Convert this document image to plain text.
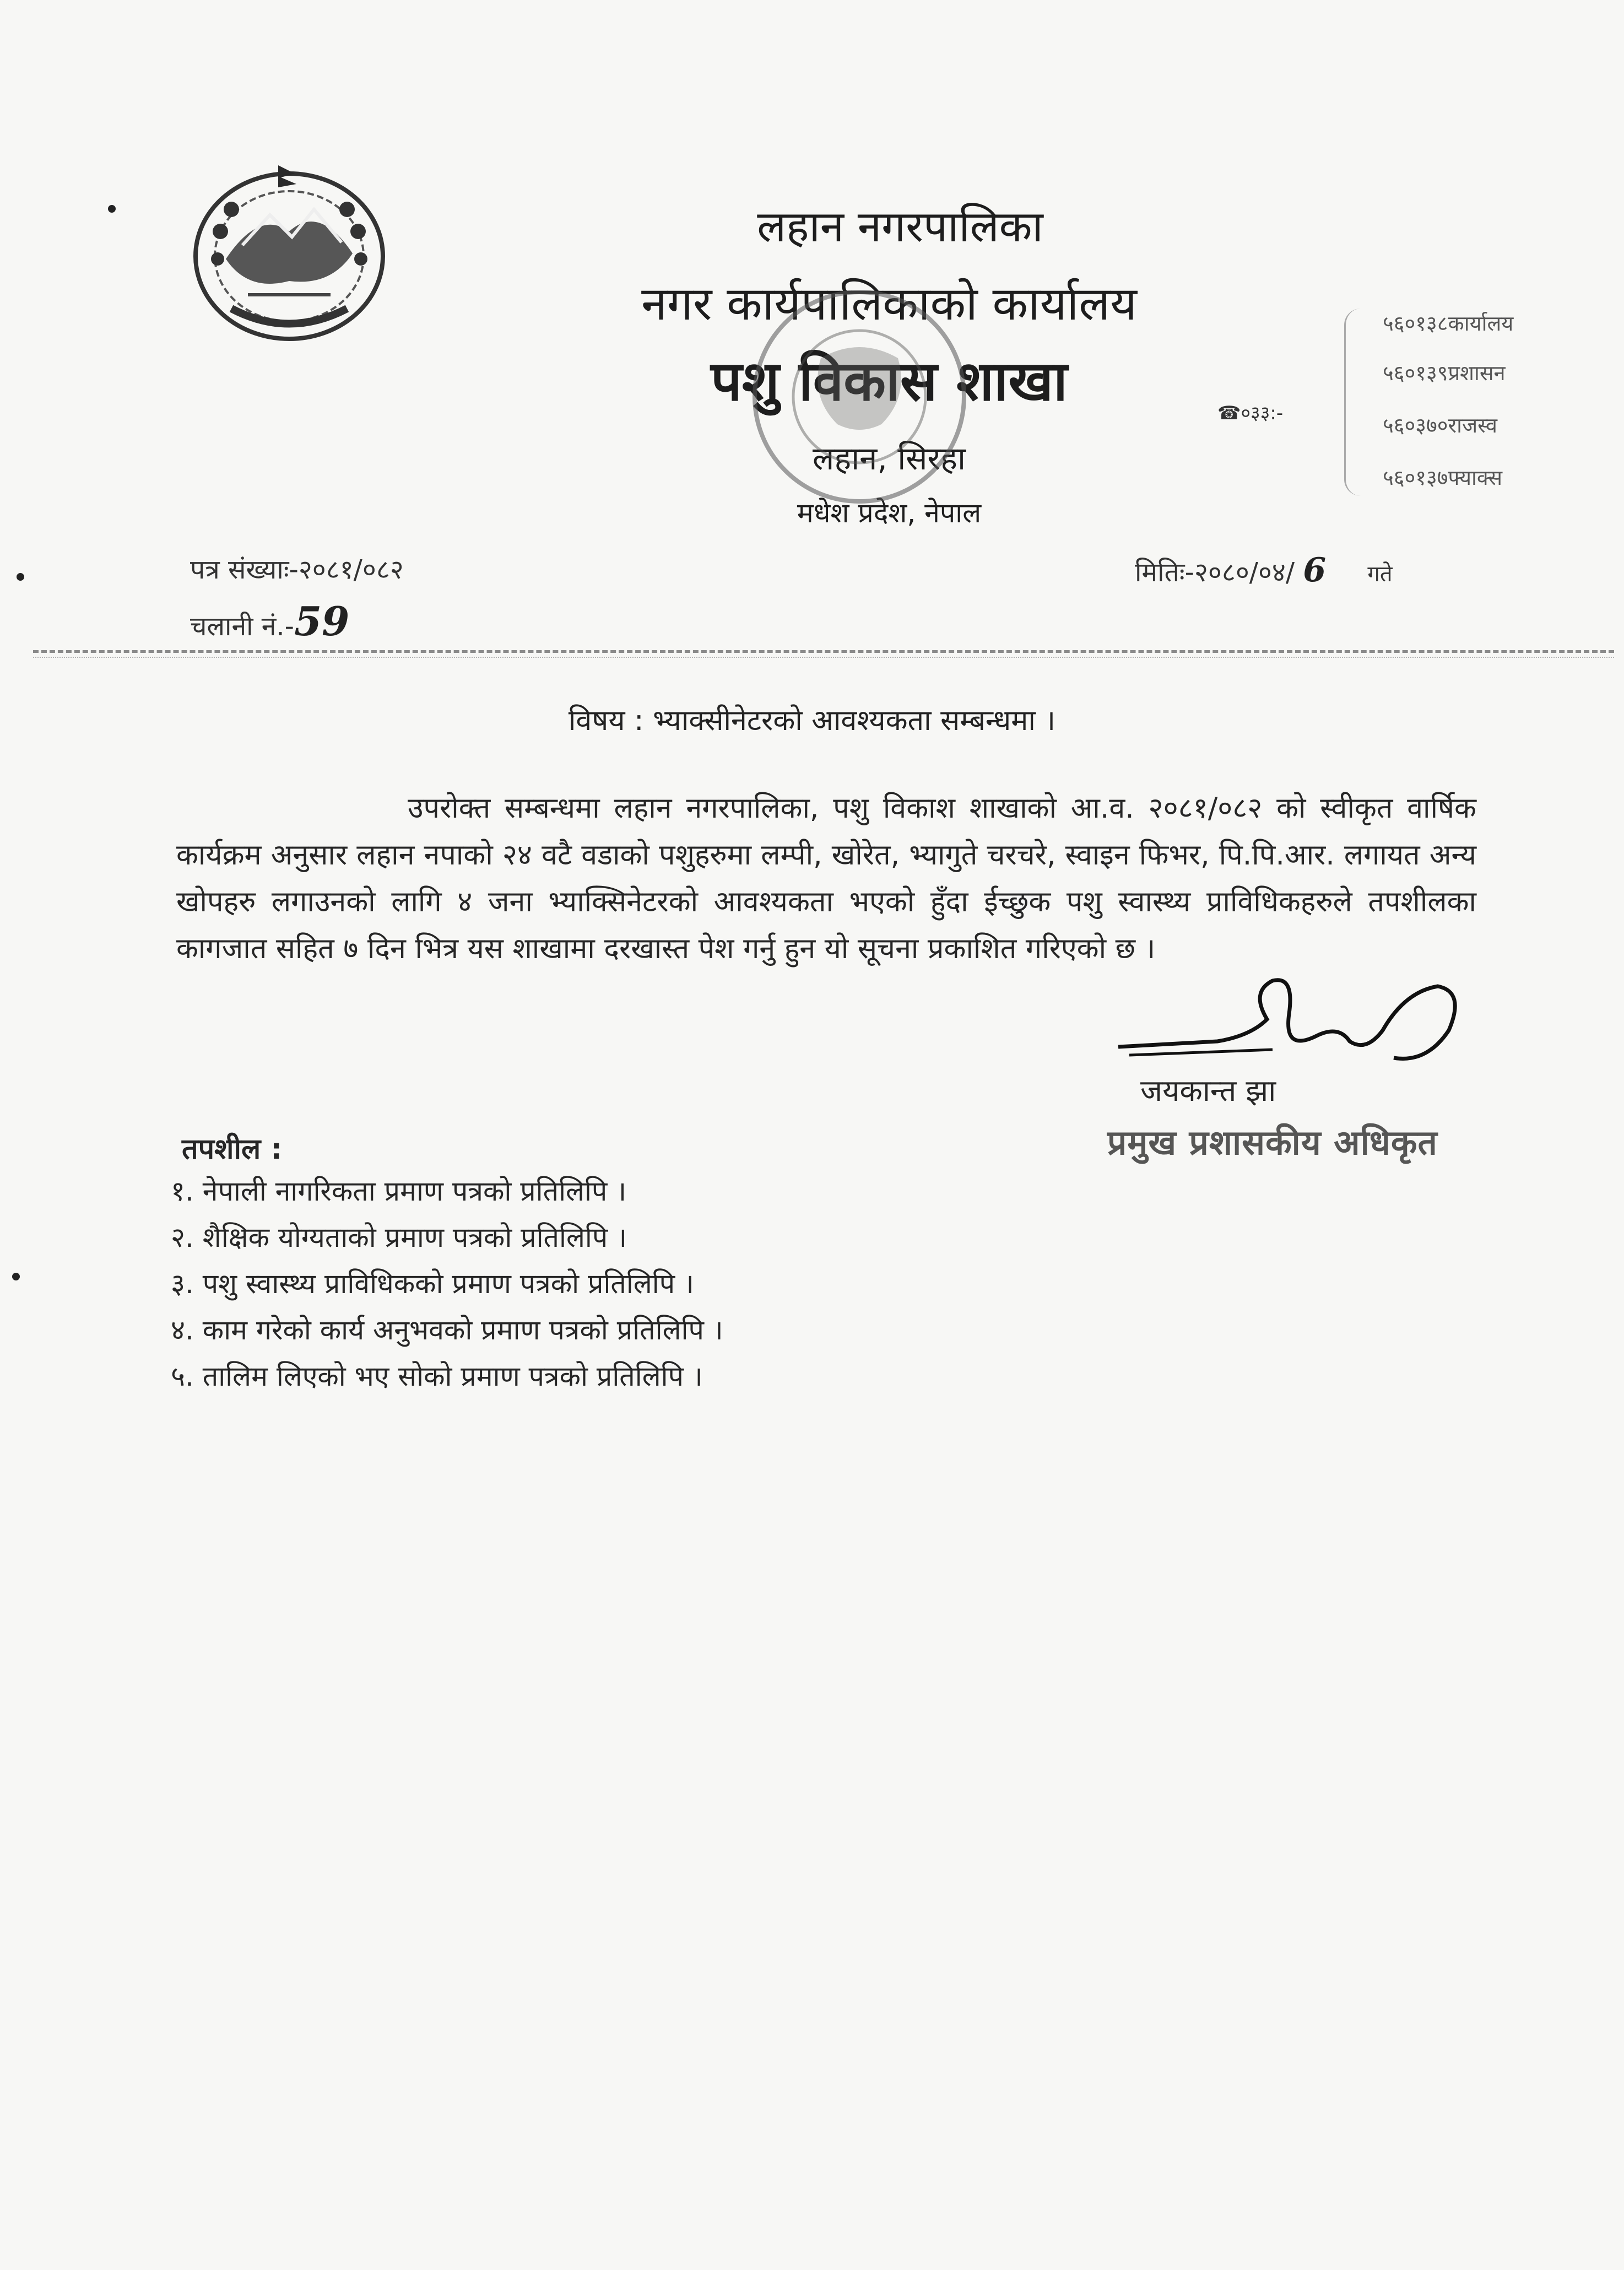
लहान नगरपालिका
नगर कार्यपालिकाको कार्यालय
पशु विकास शाखा
लहान, सिरहा
मधेश प्रदेश, नेपाल
☎०३३:-
५६०१३८कार्यालय
५६०१३९प्रशासन
५६०३७०राजस्व
५६०१३७फ्याक्स
पत्र संख्याः-२०८१/०८२
चलानी नं.-59
मितिः-२०८०/०४/ 6 गते
विषय : भ्याक्सीनेटरको आवश्यकता सम्बन्धमा ।
उपरोक्त सम्बन्धमा लहान नगरपालिका, पशु विकाश शाखाको आ.व. २०८१/०८२ को स्वीकृत वार्षिक कार्यक्रम अनुसार लहान नपाको २४ वटै वडाको पशुहरुमा लम्पी, खोरेत, भ्यागुते चरचरे, स्वाइन फिभर, पि.पि.आर. लगायत अन्य खोपहरु लगाउनको लागि ४ जना भ्याक्सिनेटरको आवश्यकता भएको हुँदा ईच्छुक पशु स्वास्थ्य प्राविधिकहरुले तपशीलका कागजात सहित ७ दिन भित्र यस शाखामा दरखास्त पेश गर्नु हुन यो सूचना प्रकाशित गरिएको छ ।
जयकान्त झा
प्रमुख प्रशासकीय अधिकृत
तपशील :
१. नेपाली नागरिकता प्रमाण पत्रको प्रतिलिपि ।
२. शैक्षिक योग्यताको प्रमाण पत्रको प्रतिलिपि ।
३. पशु स्वास्थ्य प्राविधिकको प्रमाण पत्रको प्रतिलिपि ।
४. काम गरेको कार्य अनुभवको प्रमाण पत्रको प्रतिलिपि ।
५. तालिम लिएको भए सोको प्रमाण पत्रको प्रतिलिपि ।
